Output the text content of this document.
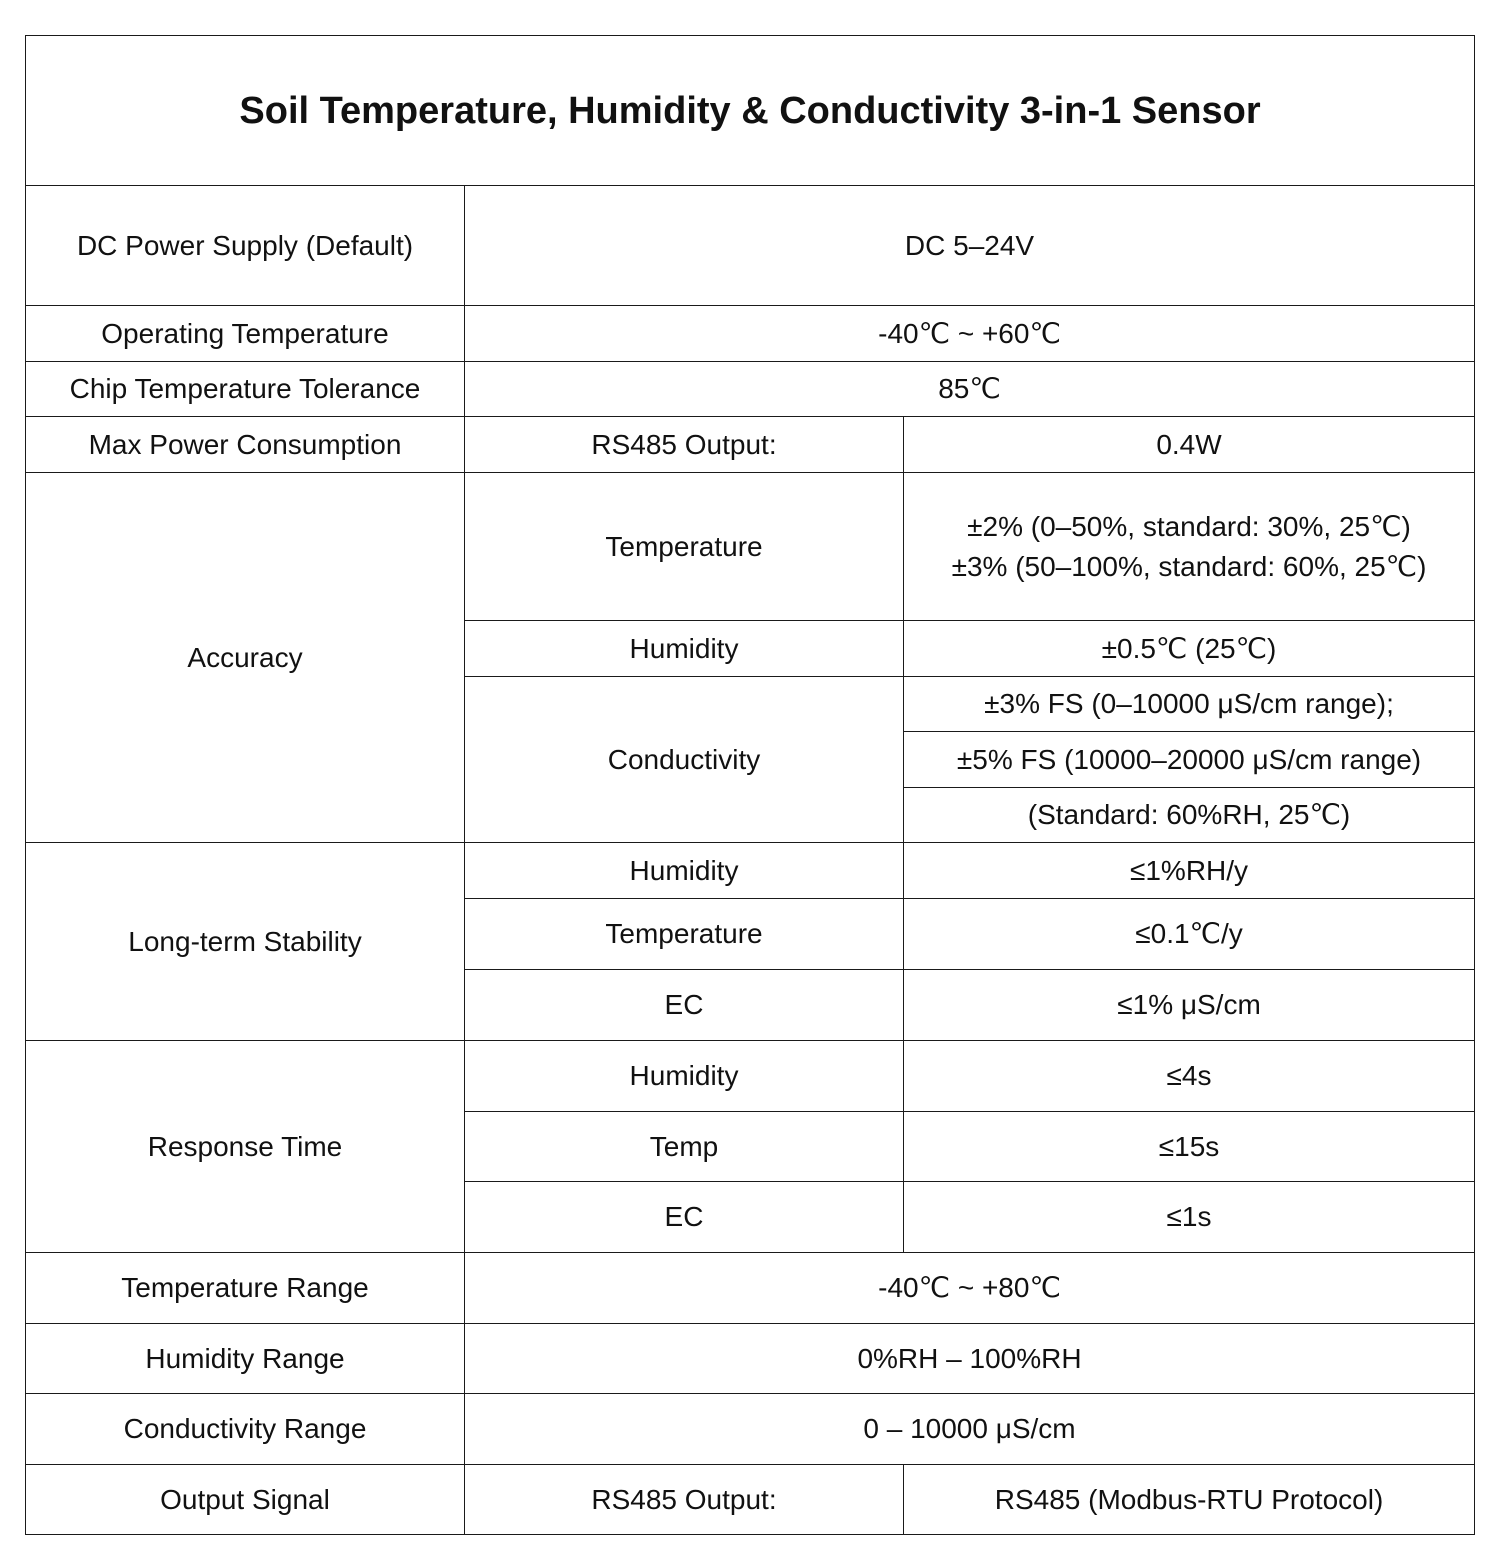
Soil Temperature, Humidity & Conductivity 3-in-1 Sensor		
DC Power Supply (Default)	DC 5–24V	
Operating Temperature	-40℃ ~ +60℃	
Chip Temperature Tolerance	85℃	
Max Power Consumption	RS485 Output:	0.4W
Accuracy	Temperature	±2% (0–50%, standard: 30%, 25℃)
±3% (50–100%, standard: 60%, 25℃)

	Humidity	±0.5℃ (25℃)
	Conductivity	±3% FS (0–10000 μS/cm range);
		±5% FS (10000–20000 μS/cm range)
		(Standard: 60%RH, 25℃)
Long-term Stability	Humidity	≤1%RH/y
	Temperature	≤0.1℃/y
	EC	≤1% μS/cm
Response Time	Humidity	≤4s
	Temp	≤15s
	EC	≤1s
Temperature Range	-40℃ ~ +80℃	
Humidity Range	0%RH – 100%RH	
Conductivity Range	0 – 10000 μS/cm	
Output Signal	RS485 Output:	RS485 (Modbus-RTU Protocol)
